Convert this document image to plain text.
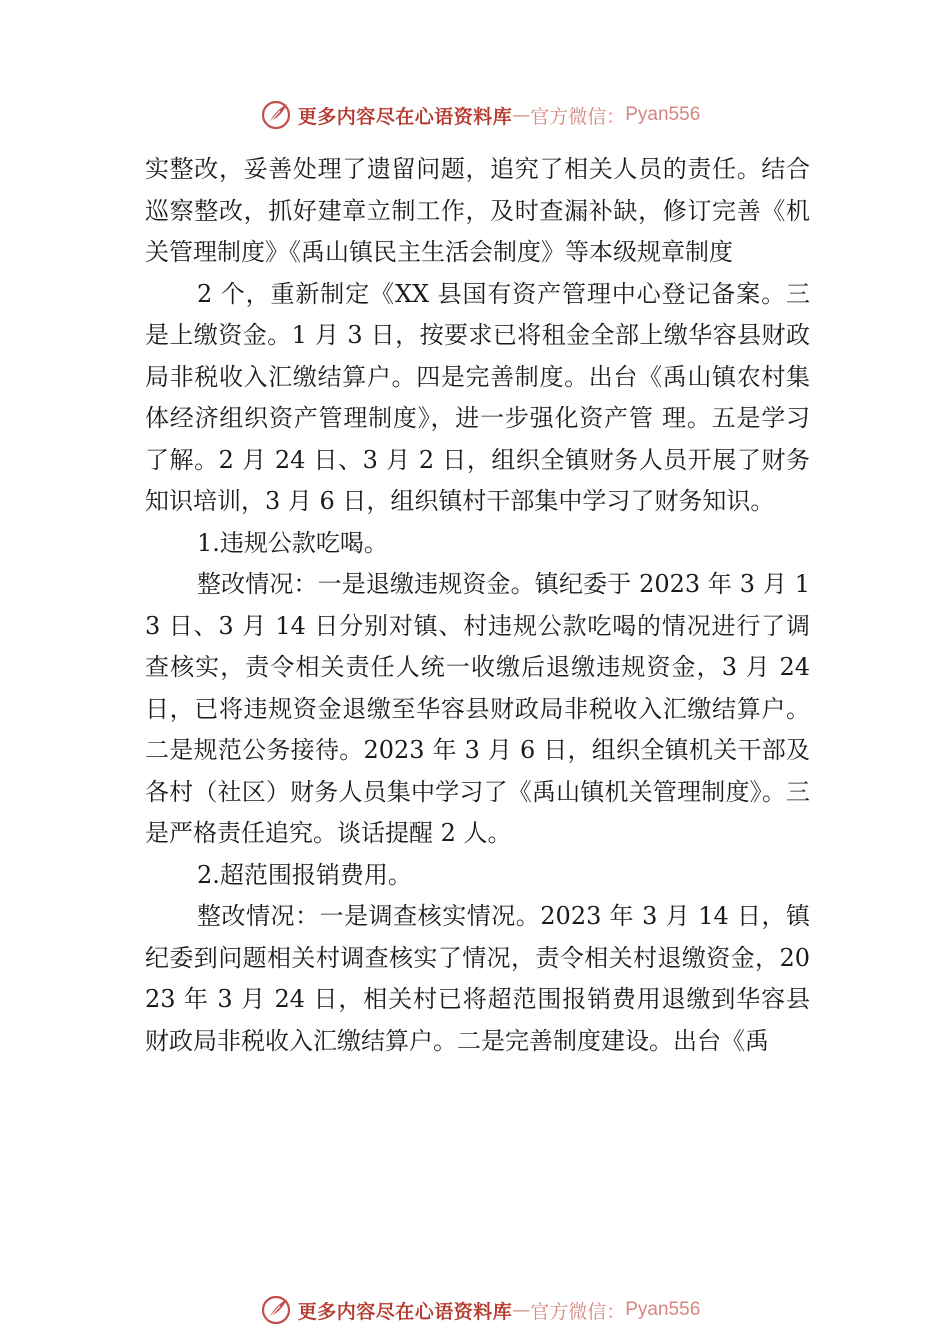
更多内容尽在心语资料库 — 官方微信： Pyan556

实整改，妥善处理了遗留问题，追究了相关人员的责任。结合巡察整改，抓好建章立制工作，及时查漏补缺，修订完善《机关管理制度》《禹山镇民主生活会制度》等本级规章制度

2 个，重新制定《XX 县国有资产管理中心登记备案。三是上缴资金。1 月 3 日，按要求已将租金全部上缴华容县财政局非税收入汇缴结算户。四是完善制度。出台《禹山镇农村集体经济组织资产管理制度》，进一步强化资产管 理。五是学习了解。2 月 24 日、3 月 2 日，组织全镇财务人员开展了财务知识培训，3 月 6 日，组织镇村干部集中学习了财务知识。

1.违规公款吃喝。

整改情况：一是退缴违规资金。镇纪委于 2023 年 3 月 13 日、3 月 14 日分别对镇、村违规公款吃喝的情况进行了调查核实，责令相关责任人统一收缴后退缴违规资金，3 月 24 日，已将违规资金退缴至华容县财政局非税收入汇缴结算户。二是规范公务接待。2023 年 3 月 6 日，组织全镇机关干部及各村（社区）财务人员集中学习了《禹山镇机关管理制度》。三是严格责任追究。谈话提醒 2 人。

2.超范围报销费用。

整改情况：一是调查核实情况。2023 年 3 月 14 日，镇纪委到问题相关村调查核实了情况，责令相关村退缴资金，2023 年 3 月 24 日，相关村已将超范围报销费用退缴到华容县财政局非税收入汇缴结算户。二是完善制度建设。出台《禹

更多内容尽在心语资料库 — 官方微信： Pyan556
